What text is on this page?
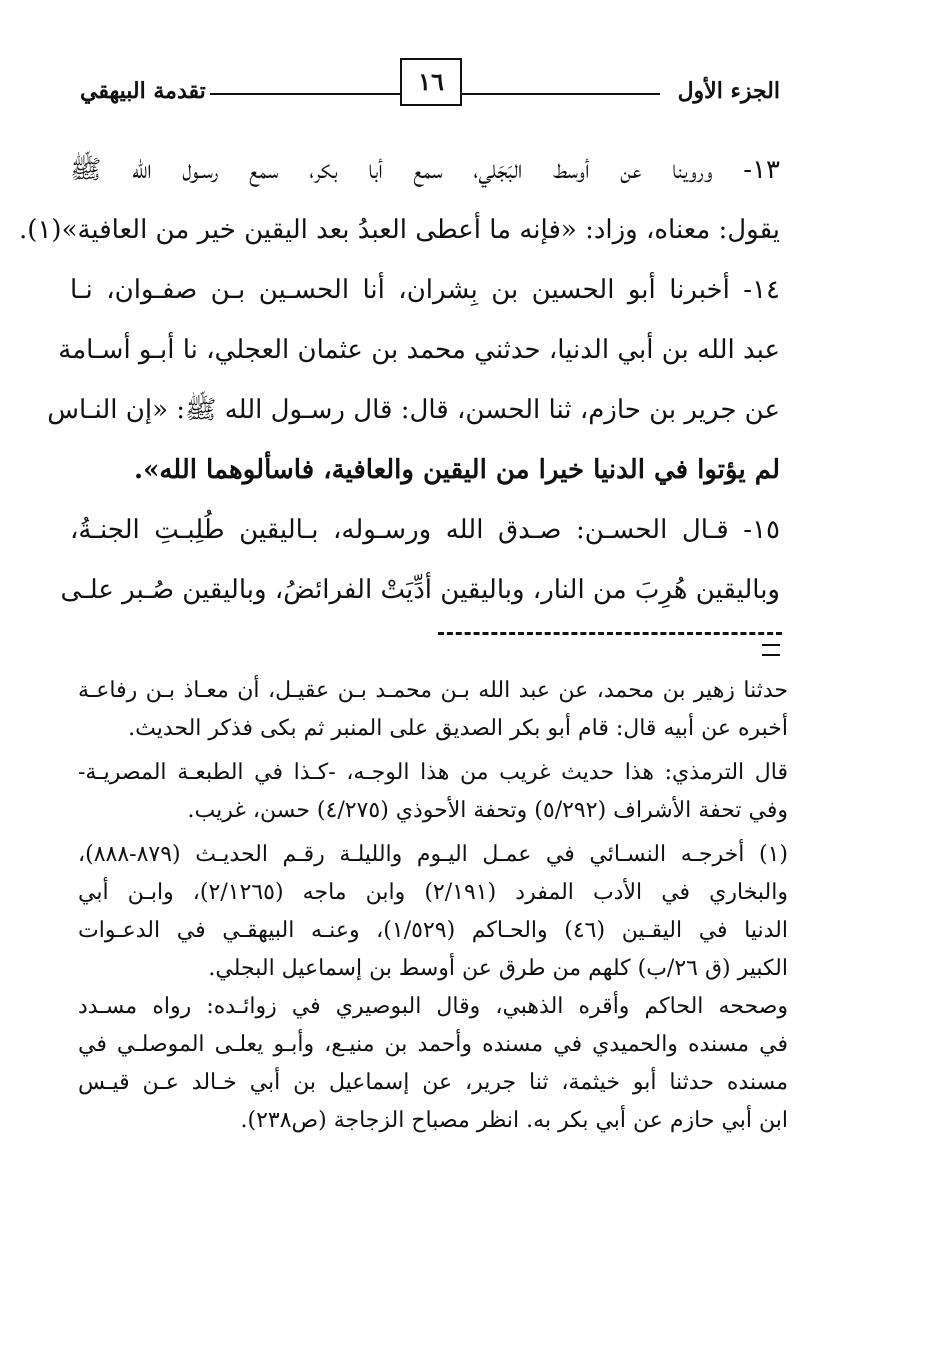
الجزء الأول
١٦
تقدمة البيهقي
١٣- وروينا عن أوسط البَجَلي، سمع أبا بكر، سمع رسـول الله ﷺ
يقول: معناه، وزاد: «فإنه ما أعطى العبدُ بعد اليقين خير من العافية»(١).
١٤- أخبرنا أبو الحسين بن بِشران، أنا الحسـين بـن صفـوان، نـا
عبد الله بن أبي الدنيا، حدثني محمد بن عثمان العجلي، نا أبـو أسـامة
عن جرير بن حازم، ثنا الحسن، قال: قال رسـول الله ﷺ: «إن النـاس
لم يؤتوا في الدنيا خيرا من اليقين والعافية، فاسألوهما الله».
١٥- قـال الحسـن: صـدق الله ورسـوله، بـاليقين طُلِبـتِ الجنـةُ،
وباليقين هُرِبَ من النار، وباليقين أدِّيَتْ الفرائضُ، وباليقين صُـبر علـى
حدثنا زهير بن محمد، عن عبد الله بـن محمـد بـن عقيـل، أن معـاذ بـن رفاعـة
أخبره عن أبيه قال: قام أبو بكر الصديق على المنبر ثم بكى فذكر الحديث.
قال الترمذي: هذا حديث غريب من هذا الوجـه، -كـذا في الطبعـة المصريـة-
وفي تحفة الأشراف (٥/٢٩٢) وتحفة الأحوذي (٤/٢٧٥) حسن، غريب.
(١) أخرجـه النسـائي في عمـل اليـوم والليلـة رقـم الحديـث (٨٧٩-٨٨٨)،
والبخاري في الأدب المفرد (٢/١٩١) وابن ماجه (٢/١٢٦٥)، وابـن أبي
الدنيا في اليقـين (٤٦) والحـاكم (١/٥٢٩)، وعنـه البيهقـي في الدعـوات
الكبير (ق ٢٦/ب) كلهم من طرق عن أوسط بن إسماعيل البجلي.
وصححه الحاكم وأقره الذهبي، وقال البوصيري في زوائـده: رواه مسـدد
في مسنده والحميدي في مسنده وأحمد بن منيـع، وأبـو يعلـى الموصلـي في
مسنده حدثنا أبو خيثمة، ثنا جرير، عن إسماعيل بن أبي خـالد عـن قيـس
ابن أبي حازم عن أبي بكر به. انظر مصباح الزجاجة (ص٢٣٨).
